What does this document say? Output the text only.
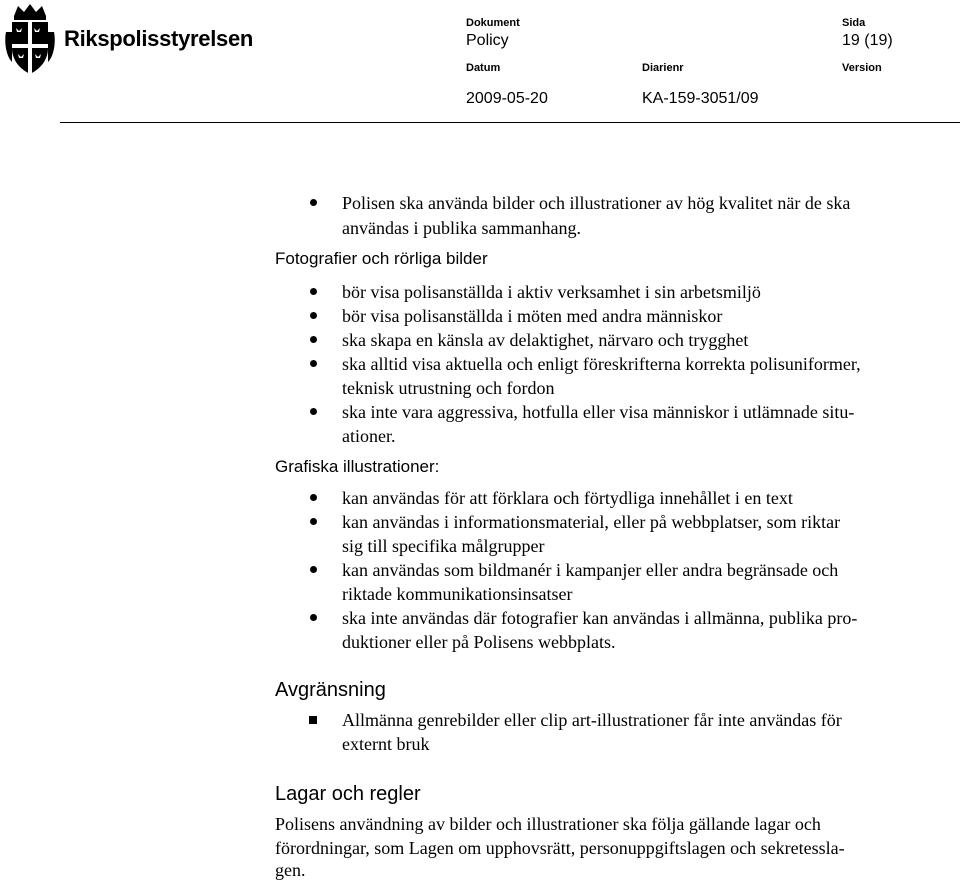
Rikspolisstyrelsen
Dokument
Policy
Sida
19 (19)
Datum
2009-05-20
Diarienr
KA-159-3051/09
Version
Polisen ska använda bilder och illustrationer av hög kvalitet när de ska
användas i publika sammanhang.
Fotografier och rörliga bilder
bör visa polisanställda i aktiv verksamhet i sin arbetsmiljö
bör visa polisanställda i möten med andra människor
ska skapa en känsla av delaktighet, närvaro och trygghet
ska alltid visa aktuella och enligt föreskrifterna korrekta polisuniformer,
teknisk utrustning och fordon
ska inte vara aggressiva, hotfulla eller visa människor i utlämnade situ-
ationer.
Grafiska illustrationer:
kan användas för att förklara och förtydliga innehållet i en text
kan användas i informationsmaterial, eller på webbplatser, som riktar
sig till specifika målgrupper
kan användas som bildmanér i kampanjer eller andra begränsade och
riktade kommunikationsinsatser
ska inte användas där fotografier kan användas i allmänna, publika pro-
duktioner eller på Polisens webbplats.
Avgränsning
Allmänna genrebilder eller clip art-illustrationer får inte användas för
externt bruk
Lagar och regler
Polisens användning av bilder och illustrationer ska följa gällande lagar och
förordningar, som Lagen om upphovsrätt, personuppgiftslagen och sekretessla-
gen.
